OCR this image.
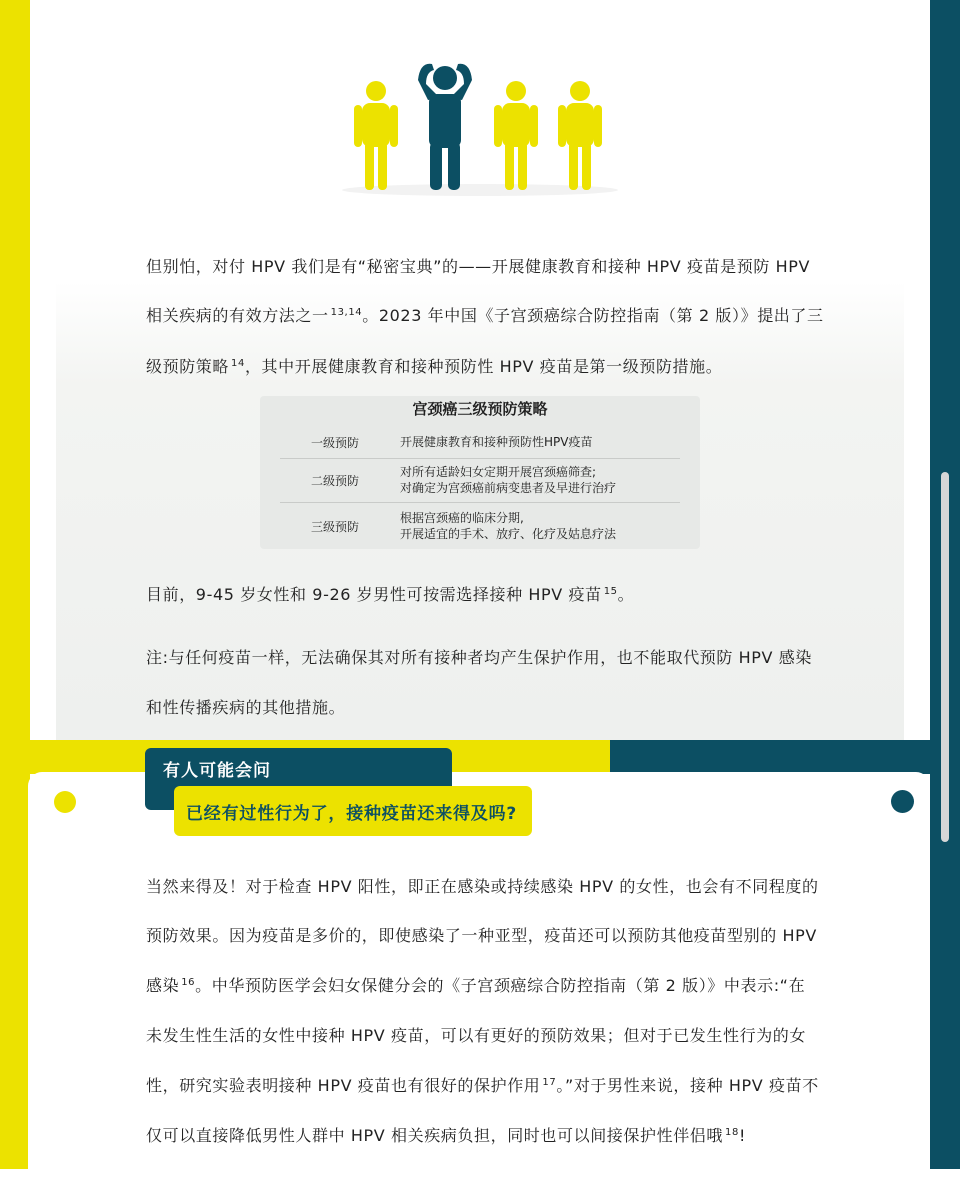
但别怕，对付 HPV 我们是有“秘密宝典”的——开展健康教育和接种 HPV 疫苗是预防 HPV
相关疾病的有效方法之一 $^{13,14}$。2023 年中国《子宫颈癌综合防控指南（第 2 版）》提出了三
级预防策略 $^{14}$，其中开展健康教育和接种预防性 HPV 疫苗是第一级预防措施。
宫颈癌三级预防策略
一级预防	开展健康教育和接种预防性HPV疫苗
二级预防
对所有适龄妇女定期开展宫颈癌筛查;
对确定为宫颈癌前病变患者及早进行治疗
三级预防
根据宫颈癌的临床分期,
开展适宜的手术、放疗、化疗及姑息疗法
目前，9-45 岁女性和 9-26 岁男性可按需选择接种 HPV 疫苗 $^{15}$。
注:与任何疫苗一样，无法确保其对所有接种者均产生保护作用，也不能取代预防 HPV 感染
和性传播疾病的其他措施。
有人可能会问
已经有过性行为了，接种疫苗还来得及吗?
当然来得及！对于检查 HPV 阳性，即正在感染或持续感染 HPV 的女性，也会有不同程度的
预防效果。因为疫苗是多价的，即使感染了一种亚型，疫苗还可以预防其他疫苗型别的 HPV
感染 $^{16}$。中华预防医学会妇女保健分会的《子宫颈癌综合防控指南（第 2 版）》中表示:“在
未发生性生活的女性中接种 HPV 疫苗，可以有更好的预防效果；但对于已发生性行为的女
性，研究实验表明接种 HPV 疫苗也有很好的保护作用 $^{17}$。”对于男性来说，接种 HPV 疫苗不
仅可以直接降低男性人群中 HPV 相关疾病负担，同时也可以间接保护性伴侣哦 $^{18}$!
